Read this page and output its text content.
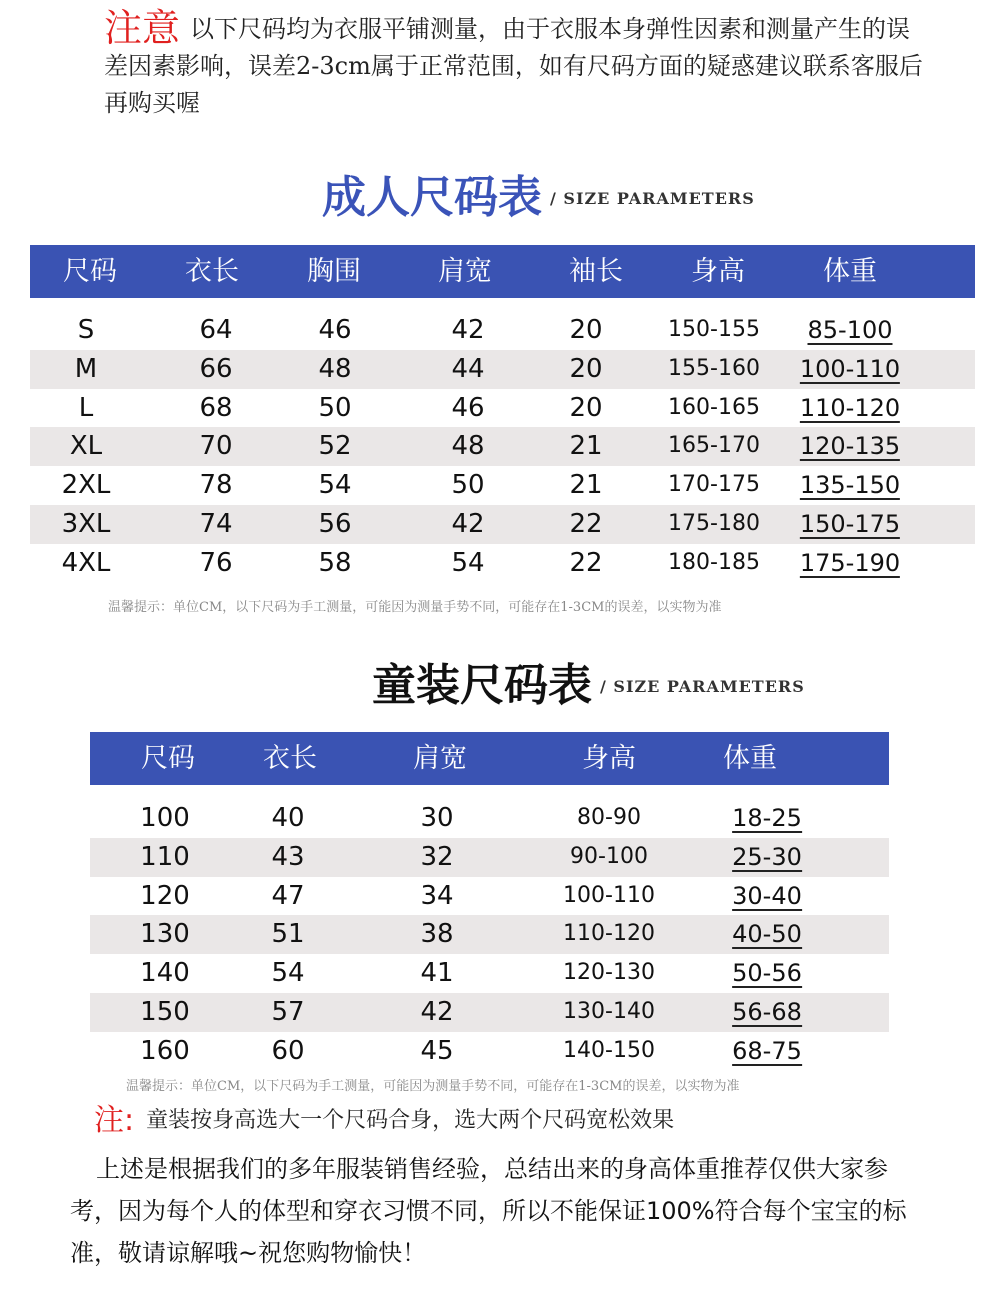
注意 以下尺码均为衣服平铺测量，由于衣服本身弹性因素和测量产生的误差因素影响，误差2-3cm属于正常范围，如有尺码方面的疑惑建议联系客服后再购买喔
成人尺码表 / SIZE PARAMETERS
尺码	衣长	胸围	肩宽	袖长	身高	体重
S	64	46	42	20	150-155 85-100
M	66	48	44	20	155-160 100-110
L	68	50	46	20	160-165 110-120
XL	70	52	48	21	165-170 120-135
2XL	78	54	50	21	170-175 135-150
3XL	74	56	42	22	175-180 150-175
4XL	76	58	54	22	180-185 175-190
温馨提示：单位CM，以下尺码为手工测量，可能因为测量手势不同，可能存在1-3CM的误差，以实物为准
童装尺码表 / SIZE PARAMETERS
尺码	衣长	肩宽	身高	体重
100	40	30	80-90	18-25
110	43	32	90-100	25-30
120	47	34	100-110	30-40
130	51	38	110-120	40-50
140	54	41	120-130	50-56
150	57	42	130-140	56-68
160	60	45	140-150	68-75
温馨提示：单位CM，以下尺码为手工测量，可能因为测量手势不同，可能存在1-3CM的误差，以实物为准
注: 童装按身高选大一个尺码合身，选大两个尺码宽松效果
上述是根据我们的多年服装销售经验，总结出来的身高体重推荐仅供大家参考，因为每个人的体型和穿衣习惯不同，所以不能保证100%符合每个宝宝的标准，敬请谅解哦~祝您购物愉快！
